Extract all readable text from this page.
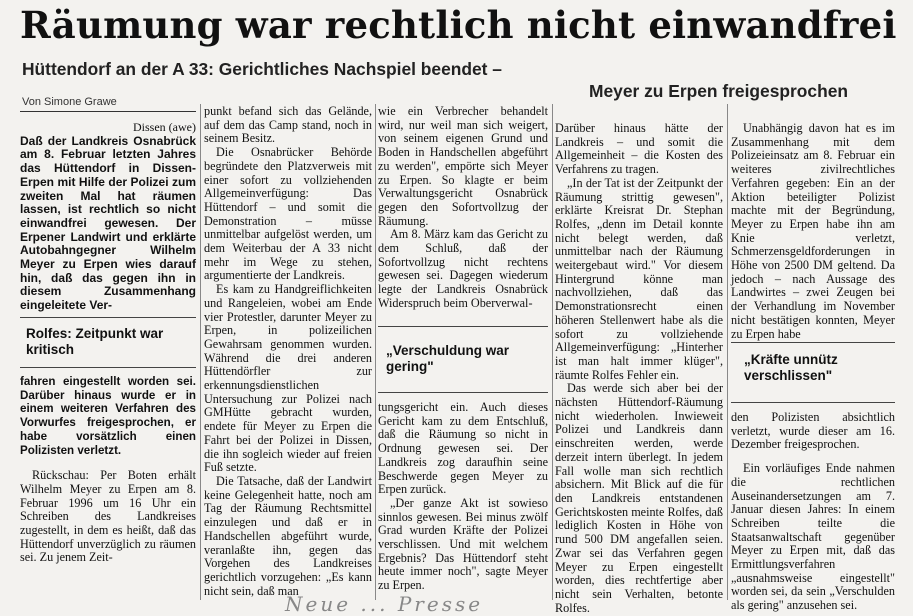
Räumung war rechtlich nicht einwandfrei
Hüttendorf an der A 33: Gerichtliches Nachspiel beendet –
Meyer zu Erpen freigesprochen
Von Simone Grawe
Dissen (awe)
Daß der Landkreis Osnabrück am 8. Februar letzten Jahres das Hüttendorf in Dissen-Erpen mit Hilfe der Polizei zum zweiten Mal hat räumen lassen, ist rechtlich so nicht einwandfrei gewesen. Der Erpener Landwirt und erklärte Autobahngegner Wilhelm Meyer zu Erpen wies darauf hin, daß das gegen ihn in diesem Zusammenhang eingeleitete Ver-
Rolfes: Zeitpunkt war kritisch

fahren eingestellt worden sei. Darüber hinaus wurde er in einem weiteren Verfahren des Vorwurfes freigesprochen, er habe vorsätzlich einen Polizisten verletzt.

Rückschau: Per Boten erhält Wilhelm Meyer zu Erpen am 8. Februar 1996 um 16 Uhr ein Schreiben des Landkreises zugestellt, in dem es heißt, daß das Hüttendorf unverzüglich zu räumen sei. Zu jenem Zeit-

punkt befand sich das Gelände, auf dem das Camp stand, noch in seinem Besitz.

Die Osnabrücker Behörde begründete den Platzverweis mit einer sofort zu vollziehenden Allgemeinverfügung: Das Hüttendorf – und somit die Demonstration – müsse unmittelbar aufgelöst werden, um dem Weiterbau der A 33 nicht mehr im Wege zu stehen, argumentierte der Landkreis.

Es kam zu Handgreiflichkeiten und Rangeleien, wobei am Ende vier Protestler, darunter Meyer zu Erpen, in polizeilichen Gewahrsam genommen wurden. Während die drei anderen Hüttendörfler zur erkennungsdienstlichen Untersuchung zur Polizei nach GMHütte gebracht wurden, endete für Meyer zu Erpen die Fahrt bei der Polizei in Dissen, die ihn sogleich wieder auf freien Fuß setzte.

Die Tatsache, daß der Landwirt keine Gelegenheit hatte, noch am Tag der Räumung Rechtsmittel einzulegen und daß er in Handschellen abgeführt wurde, veranlaßte ihn, gegen das Vorgehen des Landkreises gerichtlich vorzugehen: „Es kann nicht sein, daß man

wie ein Verbrecher behandelt wird, nur weil man sich weigert, von seinem eigenen Grund und Boden in Handschellen abgeführt zu werden", empörte sich Meyer zu Erpen. So klagte er beim Verwaltungsgericht Osnabrück gegen den Sofortvollzug der Räumung.

Am 8. März kam das Gericht zu dem Schluß, daß der Sofortvollzug nicht rechtens gewesen sei. Dagegen wiederum legte der Landkreis Osnabrück Widerspruch beim Oberverwal-

„Verschuldung war gering"

tungsgericht ein. Auch dieses Gericht kam zu dem Entschluß, daß die Räumung so nicht in Ordnung gewesen sei. Der Landkreis zog daraufhin seine Beschwerde gegen Meyer zu Erpen zurück.

„Der ganze Akt ist sowieso sinnlos gewesen. Bei minus zwölf Grad wurden Kräfte der Polizei verschlissen. Und mit welchem Ergebnis? Das Hüttendorf steht heute immer noch", sagte Meyer zu Erpen.

Darüber hinaus hätte der Landkreis – und somit die Allgemeinheit – die Kosten des Verfahrens zu tragen.

„In der Tat ist der Zeitpunkt der Räumung strittig gewesen", erklärte Kreisrat Dr. Stephan Rolfes, „denn im Detail konnte nicht belegt werden, daß unmittelbar nach der Räumung weitergebaut wird." Vor diesem Hintergrund könne man nachvollziehen, daß das Demonstrationsrecht einen höheren Stellenwert habe als die sofort zu vollziehende Allgemeinverfügung: „Hinterher ist man halt immer klüger", räumte Rolfes Fehler ein.

Das werde sich aber bei der nächsten Hüttendorf-Räumung nicht wiederholen. Inwieweit Polizei und Landkreis dann einschreiten werden, werde derzeit intern überlegt. In jedem Fall wolle man sich rechtlich absichern. Mit Blick auf die für den Landkreis entstandenen Gerichtskosten meinte Rolfes, daß lediglich Kosten in Höhe von rund 500 DM angefallen seien. Zwar sei das Verfahren gegen Meyer zu Erpen eingestellt worden, dies rechtfertige aber nicht sein Verhalten, betonte Rolfes.

Unabhängig davon hat es im Zusammenhang mit dem Polizeieinsatz am 8. Februar ein weiteres zivilrechtliches Verfahren gegeben: Ein an der Aktion beteiligter Polizist machte mit der Begründung, Meyer zu Erpen habe ihn am Knie verletzt, Schmerzensgeldforderungen in Höhe von 2500 DM geltend. Da jedoch – nach Aussage des Landwirtes – zwei Zeugen bei der Verhandlung im November nicht bestätigen konnten, Meyer zu Erpen habe

„Kräfte unnütz verschlissen"

den Polizisten absichtlich verletzt, wurde dieser am 16. Dezember freigesprochen.

Ein vorläufiges Ende nahmen die rechtlichen Auseinandersetzungen am 7. Januar diesen Jahres: In einem Schreiben teilte die Staatsanwaltschaft gegenüber Meyer zu Erpen mit, daß das Ermittlungsverfahren „ausnahmsweise eingestellt" worden sei, da sein „Verschulden als gering" anzusehen sei.

Neue ... Presse
